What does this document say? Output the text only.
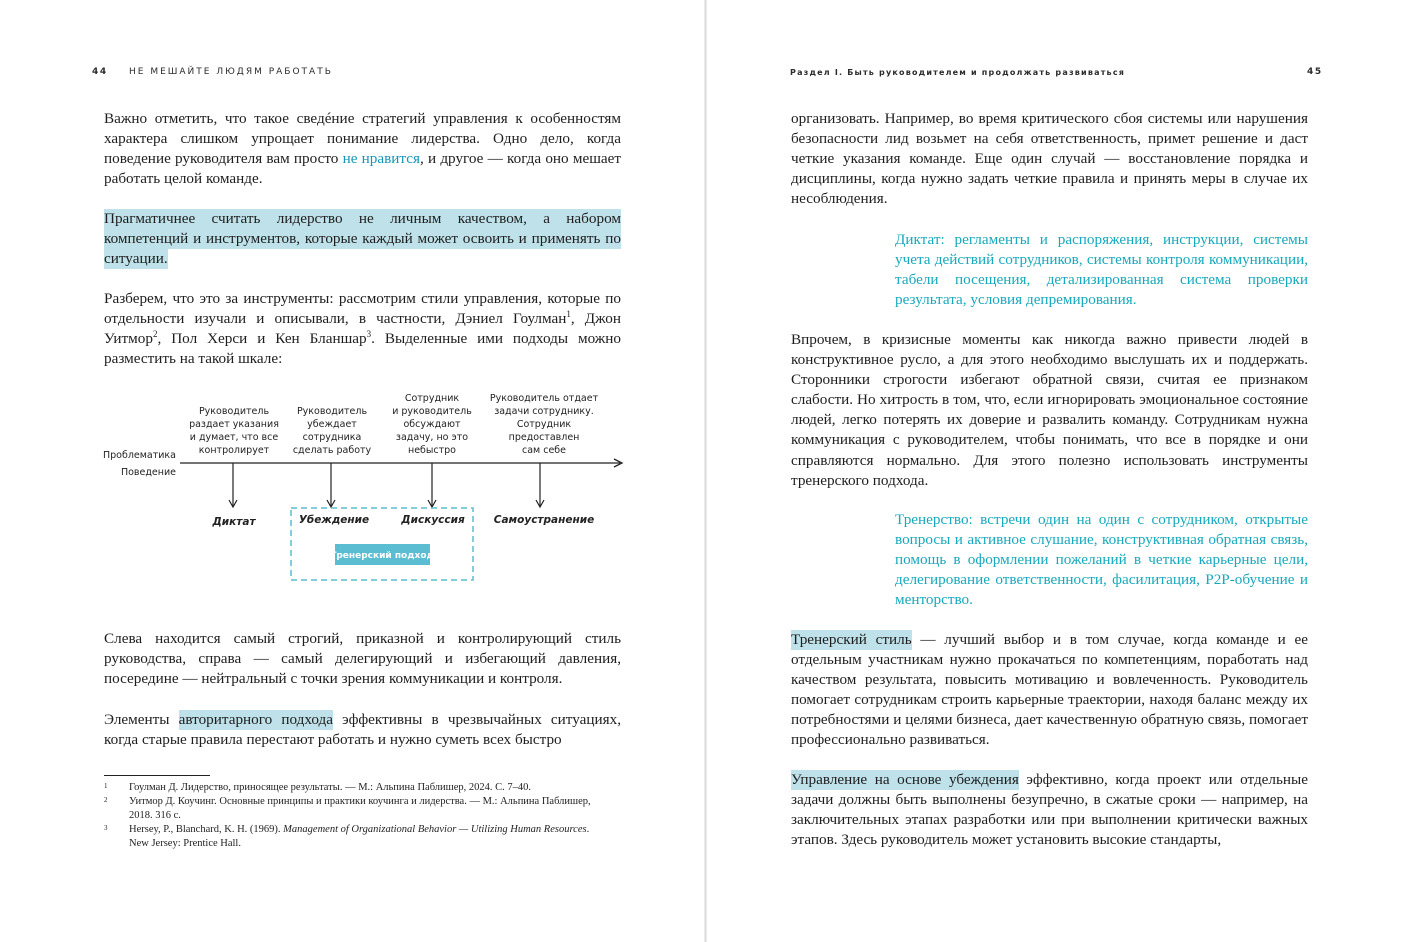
44 НЕ МЕШАЙТЕ ЛЮДЯМ РАБОТАТЬ
Важно отметить, что такое сведéние стратегий управления к особенностям характера слишком упрощает понимание лидерства. Одно дело, когда поведение руководителя вам просто не нравится, и другое — когда оно мешает работать целой команде.
Прагматичнее считать лидерство не личным качеством, а набором компетенций и инструментов, которые каждый может освоить и применять по ситуации.
Разберем, что это за инструменты: рассмотрим стили управления, которые по отдельности изучали и описывали, в частности, Дэниел Гоулман$^1$, Джон Уитмор$^2$, Пол Херси и Кен Бланшар$^3$. Выделенные ими подходы можно разместить на такой шкале:
Руководитель
раздает указания
и думает, что все
контролирует
Руководитель
убеждает
сотрудника
сделать работу
Сотрудник
и руководитель
обсуждают
задачу, но это
небыстро
Руководитель отдает
задачи сотруднику.
Сотрудник
предоставлен
сам себе
Проблематика
Поведение
Тренерский подход
Диктат	Убеждение	Дискуссия	Самоустранение
Слева находится самый строгий, приказной и контролирующий стиль руководства, справа — самый делегирующий и избегающий давления, посередине — нейтральный с точки зрения коммуникации и контроля.
Элементы авторитарного подхода эффективны в чрезвычайных ситуациях, когда старые правила перестают работать и нужно суметь всех быстро
1 Гоулман Д. Лидерство, приносящее результаты. — М.: Альпина Паблишер, 2024. С. 7–40.
2 Уитмор Д. Коучинг. Основные принципы и практики коучинга и лидерства. — М.: Альпина Паблишер, 2018. 316 с.
3 Hersey, P., Blanchard, K. H. (1969). Management of Organizational Behavior — Utilizing Human Resources. New Jersey: Prentice Hall.
Раздел I. Быть руководителем и продолжать развиваться	45
организовать. Например, во время критического сбоя системы или нарушения безопасности лид возьмет на себя ответственность, примет решение и даст четкие указания команде. Еще один случай — восстановление порядка и дисциплины, когда нужно задать четкие правила и принять меры в случае их несоблюдения.
Диктат: регламенты и распоряжения, инструкции, системы учета действий сотрудников, системы контроля коммуникации, табели посещения, детализированная система проверки результата, условия депремирования.
Впрочем, в кризисные моменты как никогда важно привести людей в конструктивное русло, а для этого необходимо выслушать их и поддержать. Сторонники строгости избегают обратной связи, считая ее признаком слабости. Но хитрость в том, что, если игнорировать эмоциональное состояние людей, легко потерять их доверие и развалить команду. Сотрудникам нужна коммуникация с руководителем, чтобы понимать, что все в порядке и они справляются нормально. Для этого полезно использовать инструменты тренерского подхода.
Тренерство: встречи один на один с сотрудником, открытые вопросы и активное слушание, конструктивная обратная связь, помощь в оформлении пожеланий в четкие карьерные цели, делегирование ответственности, фасилитация, P2P-обучение и менторство.
Тренерский стиль — лучший выбор и в том случае, когда команде и ее отдельным участникам нужно прокачаться по компетенциям, поработать над качеством результата, повысить мотивацию и вовлеченность. Руководитель помогает сотрудникам строить карьерные траектории, находя баланс между их потребностями и целями бизнеса, дает качественную обратную связь, помогает профессионально развиваться.
Управление на основе убеждения эффективно, когда проект или отдельные задачи должны быть выполнены безупречно, в сжатые сроки — например, на заключительных этапах разработки или при выполнении критически важных этапов. Здесь руководитель может установить высокие стандарты,
